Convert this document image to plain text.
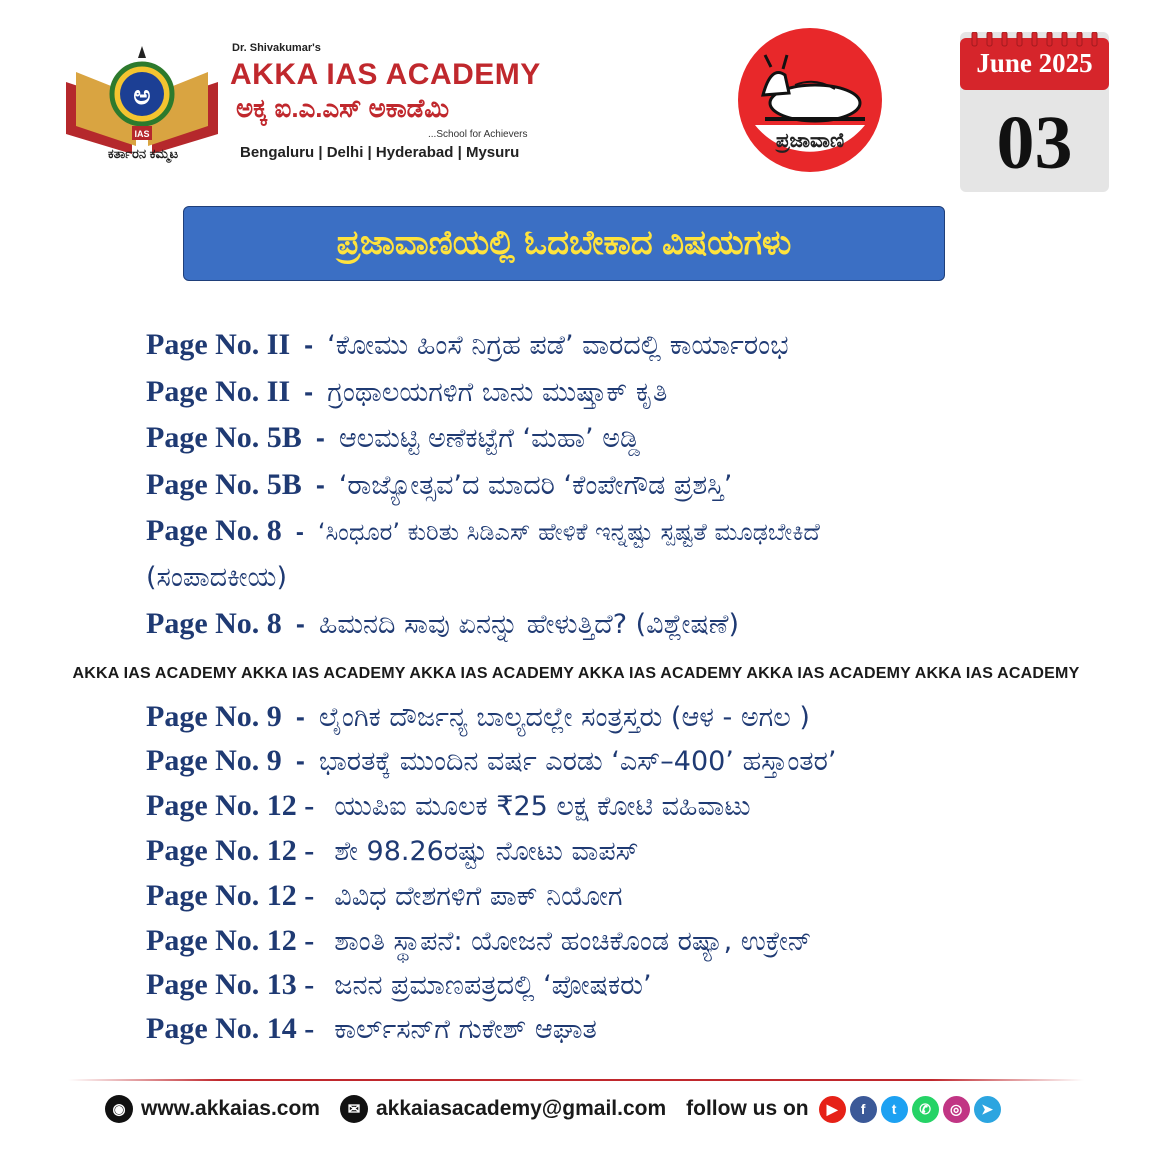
ಅ
IAS
ಕರ್ತಾರನ ಕಮ್ಮಟ
Dr. Shivakumar's
AKKA IAS ACADEMY
ಅಕ್ಕ ಐ.ಎ.ಎಸ್ ಅಕಾಡೆಮಿ
...School for Achievers
Bengaluru | Delhi | Hyderabad | Mysuru
ಪ್ರಜಾವಾಣಿ
June 2025
03
ಪ್ರಜಾವಾಣಿಯಲ್ಲಿ ಓದಬೇಕಾದ ವಿಷಯಗಳು
Page No. II - ‘ಕೋಮು ಹಿಂಸೆ ನಿಗ್ರಹ ಪಡೆ’ ವಾರದಲ್ಲಿ ಕಾರ್ಯಾರಂಭ
Page No. II - ಗ್ರಂಥಾಲಯಗಳಿಗೆ ಬಾನು ಮುಷ್ತಾಕ್ ಕೃತಿ
Page No. 5B - ಆಲಮಟ್ಟಿ ಅಣೆಕಟ್ಟೆಗೆ ‘ಮಹಾ’ ಅಡ್ಡಿ
Page No. 5B - ‘ರಾಜ್ಯೋತ್ಸವ’ದ ಮಾದರಿ ‘ಕೆಂಪೇಗೌಡ ಪ್ರಶಸ್ತಿ’
Page No. 8 - ‘ಸಿಂಧೂರ’ ಕುರಿತು ಸಿಡಿಎಸ್ ಹೇಳಿಕೆ ಇನ್ನಷ್ಟು ಸ್ಪಷ್ಟತೆ ಮೂಢಬೇಕಿದೆ
(ಸಂಪಾದಕೀಯ)
Page No. 8 - ಹಿಮನದಿ ಸಾವು ಏನನ್ನು ಹೇಳುತ್ತಿದೆ? (ವಿಶ್ಲೇಷಣೆ)
AKKA IAS ACADEMY AKKA IAS ACADEMY AKKA IAS ACADEMY AKKA IAS ACADEMY AKKA IAS ACADEMY AKKA IAS ACADEMY
Page No. 9 - ಲೈಂಗಿಕ ದೌರ್ಜನ್ಯ ಬಾಲ್ಯದಲ್ಲೇ ಸಂತ್ರಸ್ತರು (ಆಳ - ಅಗಲ )
Page No. 9 - ಭಾರತಕ್ಕೆ ಮುಂದಿನ ವರ್ಷ ಎರಡು ‘ಎಸ್–400’ ಹಸ್ತಾಂತರ’
Page No. 12 - ಯುಪಿಐ ಮೂಲಕ ₹25 ಲಕ್ಷ ಕೋಟಿ ವಹಿವಾಟು
Page No. 12 - ಶೇ 98.26ರಷ್ಟು ನೋಟು ವಾಪಸ್
Page No. 12 - ವಿವಿಧ ದೇಶಗಳಿಗೆ ಪಾಕ್ ನಿಯೋಗ
Page No. 12 - ಶಾಂತಿ ಸ್ಥಾಪನೆ: ಯೋಜನೆ ಹಂಚಿಕೊಂಡ ರಷ್ಯಾ, ಉಕ್ರೇನ್
Page No. 13 - ಜನನ ಪ್ರಮಾಣಪತ್ರದಲ್ಲಿ ‘ಪೋಷಕರು’
Page No. 14 - ಕಾರ್ಲ್‌ಸನ್‌ಗೆ ಗುಕೇಶ್ ಆಘಾತ
◉ www.akkaias.com	✉ akkaiasacademy@gmail.com follow us on	▶	f	t	✆	◎	➤
